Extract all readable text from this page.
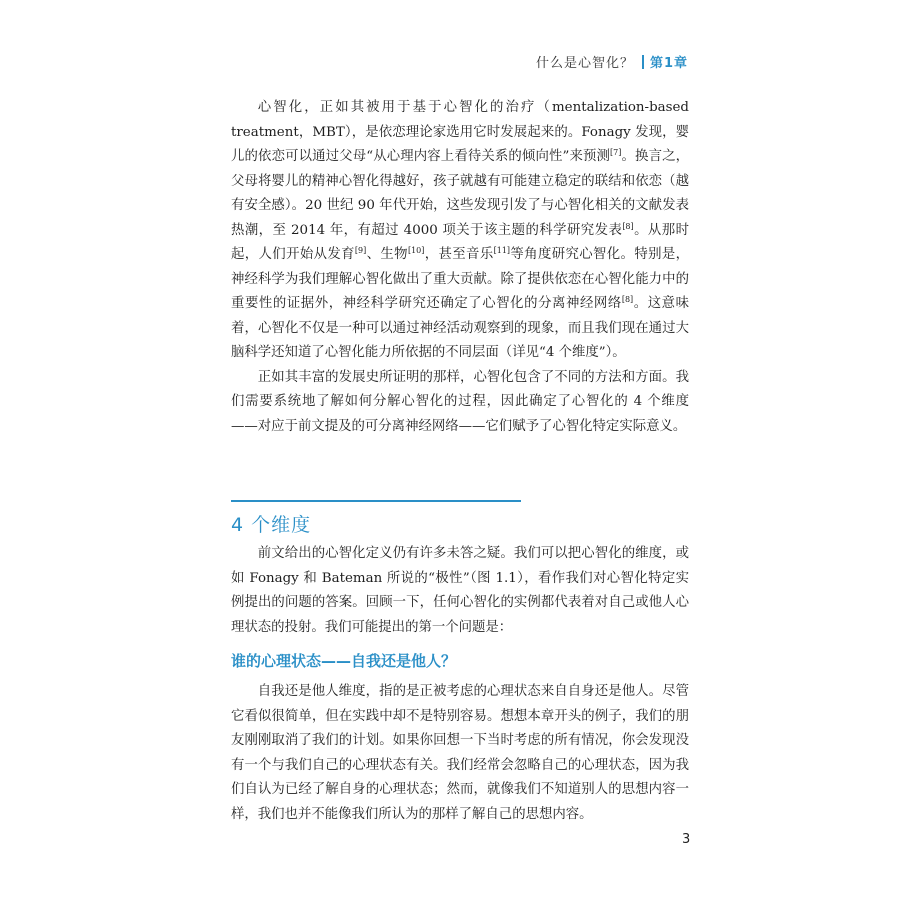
什么是心智化？ 第1章

心智化，正如其被用于基于心智化的治疗（mentalization-based treatment，MBT），是依恋理论家选用它时发展起来的。Fonagy 发现，婴儿的依恋可以通过父母“从心理内容上看待关系的倾向性”来预测[7]。换言之，父母将婴儿的精神心智化得越好，孩子就越有可能建立稳定的联结和依恋（越有安全感）。20 世纪 90 年代开始，这些发现引发了与心智化相关的文献发表热潮，至 2014 年，有超过 4000 项关于该主题的科学研究发表[8]。从那时起，人们开始从发育[9]、生物[10]，甚至音乐[11]等角度研究心智化。特别是，神经科学为我们理解心智化做出了重大贡献。除了提供依恋在心智化能力中的重要性的证据外，神经科学研究还确定了心智化的分离神经网络[8]。这意味着，心智化不仅是一种可以通过神经活动观察到的现象，而且我们现在通过大脑科学还知道了心智化能力所依据的不同层面（详见“4 个维度”）。

正如其丰富的发展史所证明的那样，心智化包含了不同的方法和方面。我们需要系统地了解如何分解心智化的过程，因此确定了心智化的 4 个维度——对应于前文提及的可分离神经网络——它们赋予了心智化特定实际意义。

4 个维度

前文给出的心智化定义仍有许多未答之疑。我们可以把心智化的维度，或如 Fonagy 和 Bateman 所说的“极性”（图 1.1），看作我们对心智化特定实例提出的问题的答案。回顾一下，任何心智化的实例都代表着对自己或他人心理状态的投射。我们可能提出的第一个问题是：

谁的心理状态——自我还是他人？

自我还是他人维度，指的是正被考虑的心理状态来自自身还是他人。尽管它看似很简单，但在实践中却不是特别容易。想想本章开头的例子，我们的朋友刚刚取消了我们的计划。如果你回想一下当时考虑的所有情况，你会发现没有一个与我们自己的心理状态有关。我们经常会忽略自己的心理状态，因为我们自认为已经了解自身的心理状态；然而，就像我们不知道别人的思想内容一样，我们也并不能像我们所认为的那样了解自己的思想内容。

3
